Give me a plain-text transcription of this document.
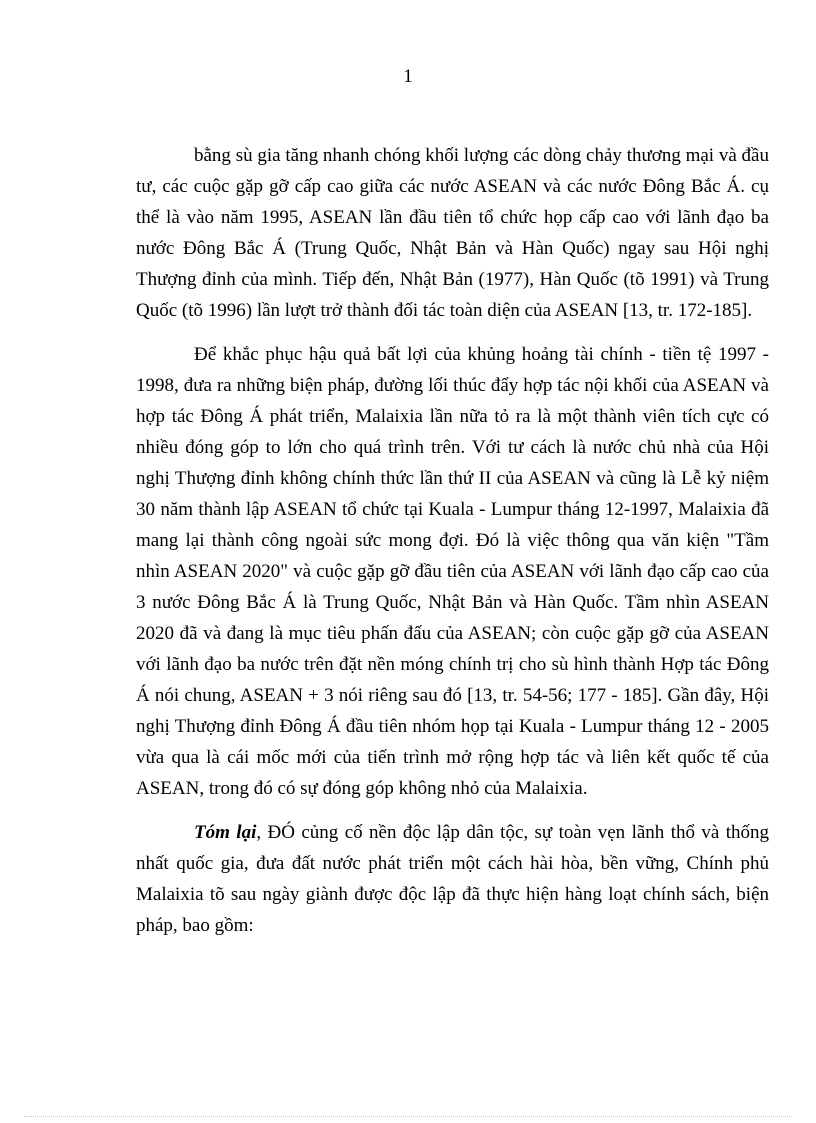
1

bằng sù gia tăng nhanh chóng khối lượng các dòng chảy thương mại và đầu tư, các cuộc gặp gỡ cấp cao giữa các nước ASEAN và các nước Đông Bắc Á. cụ thể là vào năm 1995, ASEAN lần đầu tiên tổ chức họp cấp cao với lãnh đạo ba nước Đông Bắc Á (Trung Quốc, Nhật Bản và Hàn Quốc) ngay sau Hội nghị Thượng đỉnh của mình. Tiếp đến, Nhật Bản (1977), Hàn Quốc (tõ 1991) và Trung Quốc (tõ 1996) lần lượt trở thành đối tác toàn diện của ASEAN [13, tr. 172-185].

Để khắc phục hậu quả bất lợi của khủng hoảng tài chính - tiền tệ 1997 - 1998, đưa ra những biện pháp, đường lối thúc đẩy hợp tác nội khối của ASEAN và hợp tác Đông Á phát triển, Malaixia lần nữa tỏ ra là một thành viên tích cực có nhiều đóng góp to lớn cho quá trình trên. Với tư cách là nước chủ nhà của Hội nghị Thượng đỉnh không chính thức lần thứ II của ASEAN và cũng là Lễ kỷ niệm 30 năm thành lập ASEAN tổ chức tại Kuala - Lumpur tháng 12-1997, Malaixia đã mang lại thành công ngoài sức mong đợi. Đó là việc thông qua văn kiện "Tầm nhìn ASEAN 2020" và cuộc gặp gỡ đầu tiên của ASEAN với lãnh đạo cấp cao của 3 nước Đông Bắc Á là Trung Quốc, Nhật Bản và Hàn Quốc. Tầm nhìn ASEAN 2020 đã và đang là mục tiêu phấn đấu của ASEAN; còn cuộc gặp gỡ của ASEAN với lãnh đạo ba nước trên đặt nền móng chính trị cho sù hình thành Hợp tác Đông Á nói chung, ASEAN + 3 nói riêng sau đó [13, tr. 54-56; 177 - 185]. Gần đây, Hội nghị Thượng đỉnh Đông Á đầu tiên nhóm họp tại Kuala - Lumpur tháng 12 - 2005 vừa qua là cái mốc mới của tiến trình mở rộng hợp tác và liên kết quốc tế của ASEAN, trong đó có sự đóng góp không nhỏ của Malaixia.

Tóm lại, ĐÓ củng cố nền độc lập dân tộc, sự toàn vẹn lãnh thổ và thống nhất quốc gia, đưa đất nước phát triển một cách hài hòa, bền vững, Chính phủ Malaixia tõ sau ngày giành được độc lập đã thực hiện hàng loạt chính sách, biện pháp, bao gồm:
